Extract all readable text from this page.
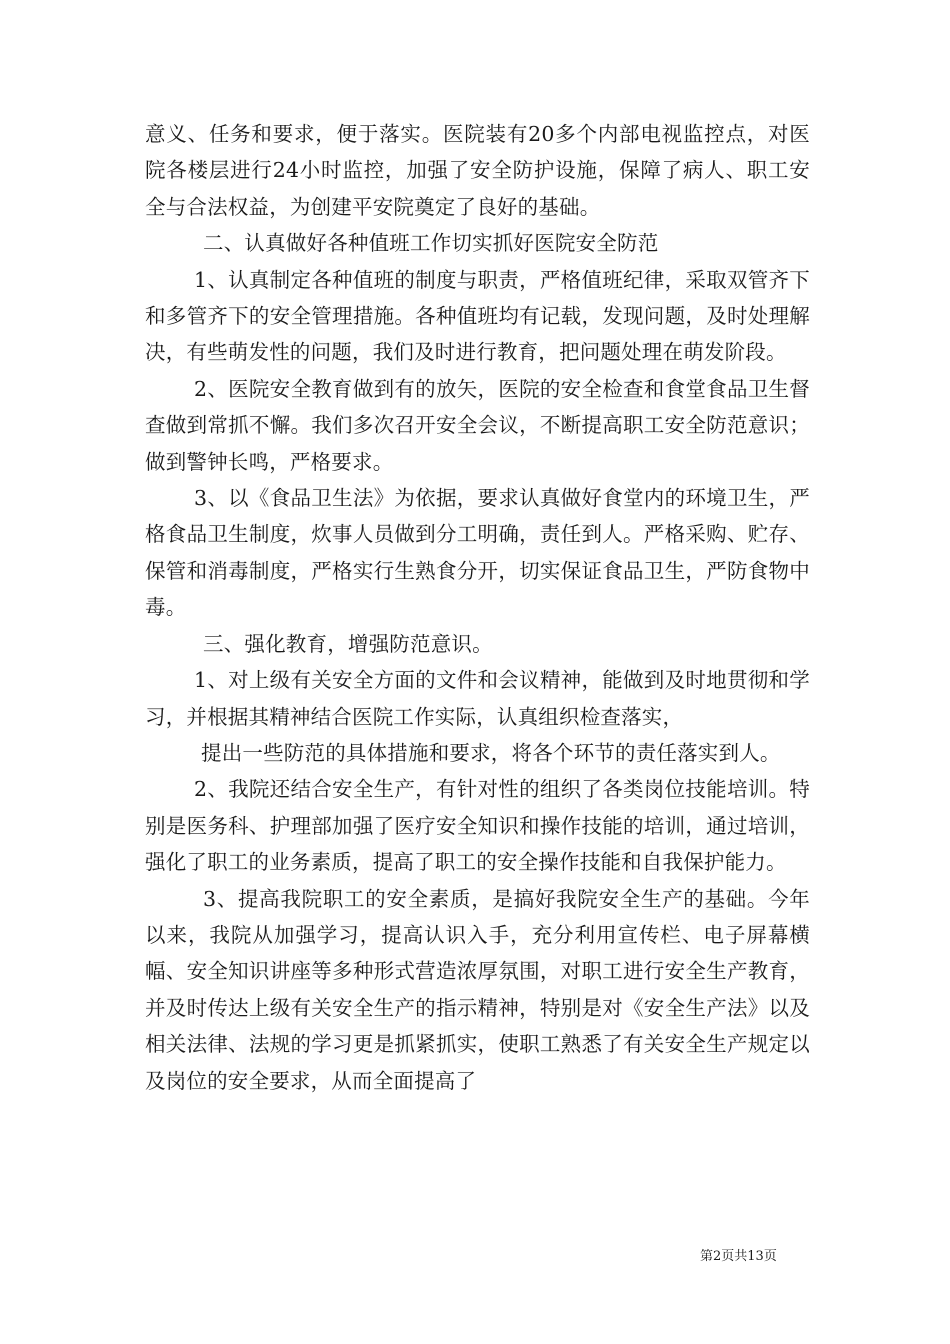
意义、任务和要求，便于落实。医院装有20多个内部电视监控点，对医院各楼层进行24小时监控，加强了安全防护设施，保障了病人、职工安全与合法权益，为创建平安院奠定了良好的基础。

二、认真做好各种值班工作切实抓好医院安全防范

1、认真制定各种值班的制度与职责，严格值班纪律，采取双管齐下和多管齐下的安全管理措施。各种值班均有记载，发现问题，及时处理解决，有些萌发性的问题，我们及时进行教育，把问题处理在萌发阶段。

2、医院安全教育做到有的放矢，医院的安全检查和食堂食品卫生督查做到常抓不懈。我们多次召开安全会议，不断提高职工安全防范意识；做到警钟长鸣，严格要求。

3、以《食品卫生法》为依据，要求认真做好食堂内的环境卫生，严格食品卫生制度，炊事人员做到分工明确，责任到人。严格采购、贮存、保管和消毒制度，严格实行生熟食分开，切实保证食品卫生，严防食物中毒。

三、强化教育，增强防范意识。

1、对上级有关安全方面的文件和会议精神，能做到及时地贯彻和学习，并根据其精神结合医院工作实际，认真组织检查落实，

提出一些防范的具体措施和要求，将各个环节的责任落实到人。

2、我院还结合安全生产，有针对性的组织了各类岗位技能培训。特别是医务科、护理部加强了医疗安全知识和操作技能的培训，通过培训，强化了职工的业务素质，提高了职工的安全操作技能和自我保护能力。

3、提高我院职工的安全素质，是搞好我院安全生产的基础。今年以来，我院从加强学习，提高认识入手，充分利用宣传栏、电子屏幕横幅、安全知识讲座等多种形式营造浓厚氛围，对职工进行安全生产教育，并及时传达上级有关安全生产的指示精神，特别是对《安全生产法》以及相关法律、法规的学习更是抓紧抓实，使职工熟悉了有关安全生产规定以及岗位的安全要求，从而全面提高了

第2页共13页
